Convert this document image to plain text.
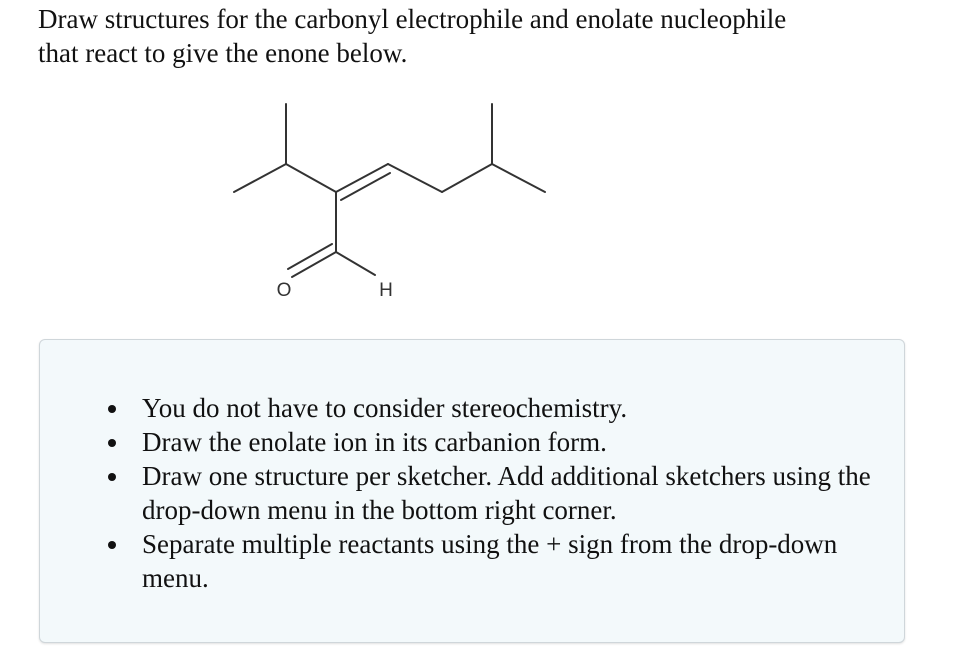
Draw structures for the carbonyl electrophile and enolate nucleophile
that react to give the enone below.
O	H
You do not have to consider stereochemistry.
Draw the enolate ion in its carbanion form.
Draw one structure per sketcher. Add additional sketchers using the drop-down menu in the bottom right corner.
Separate multiple reactants using the + sign from the drop-down menu.
